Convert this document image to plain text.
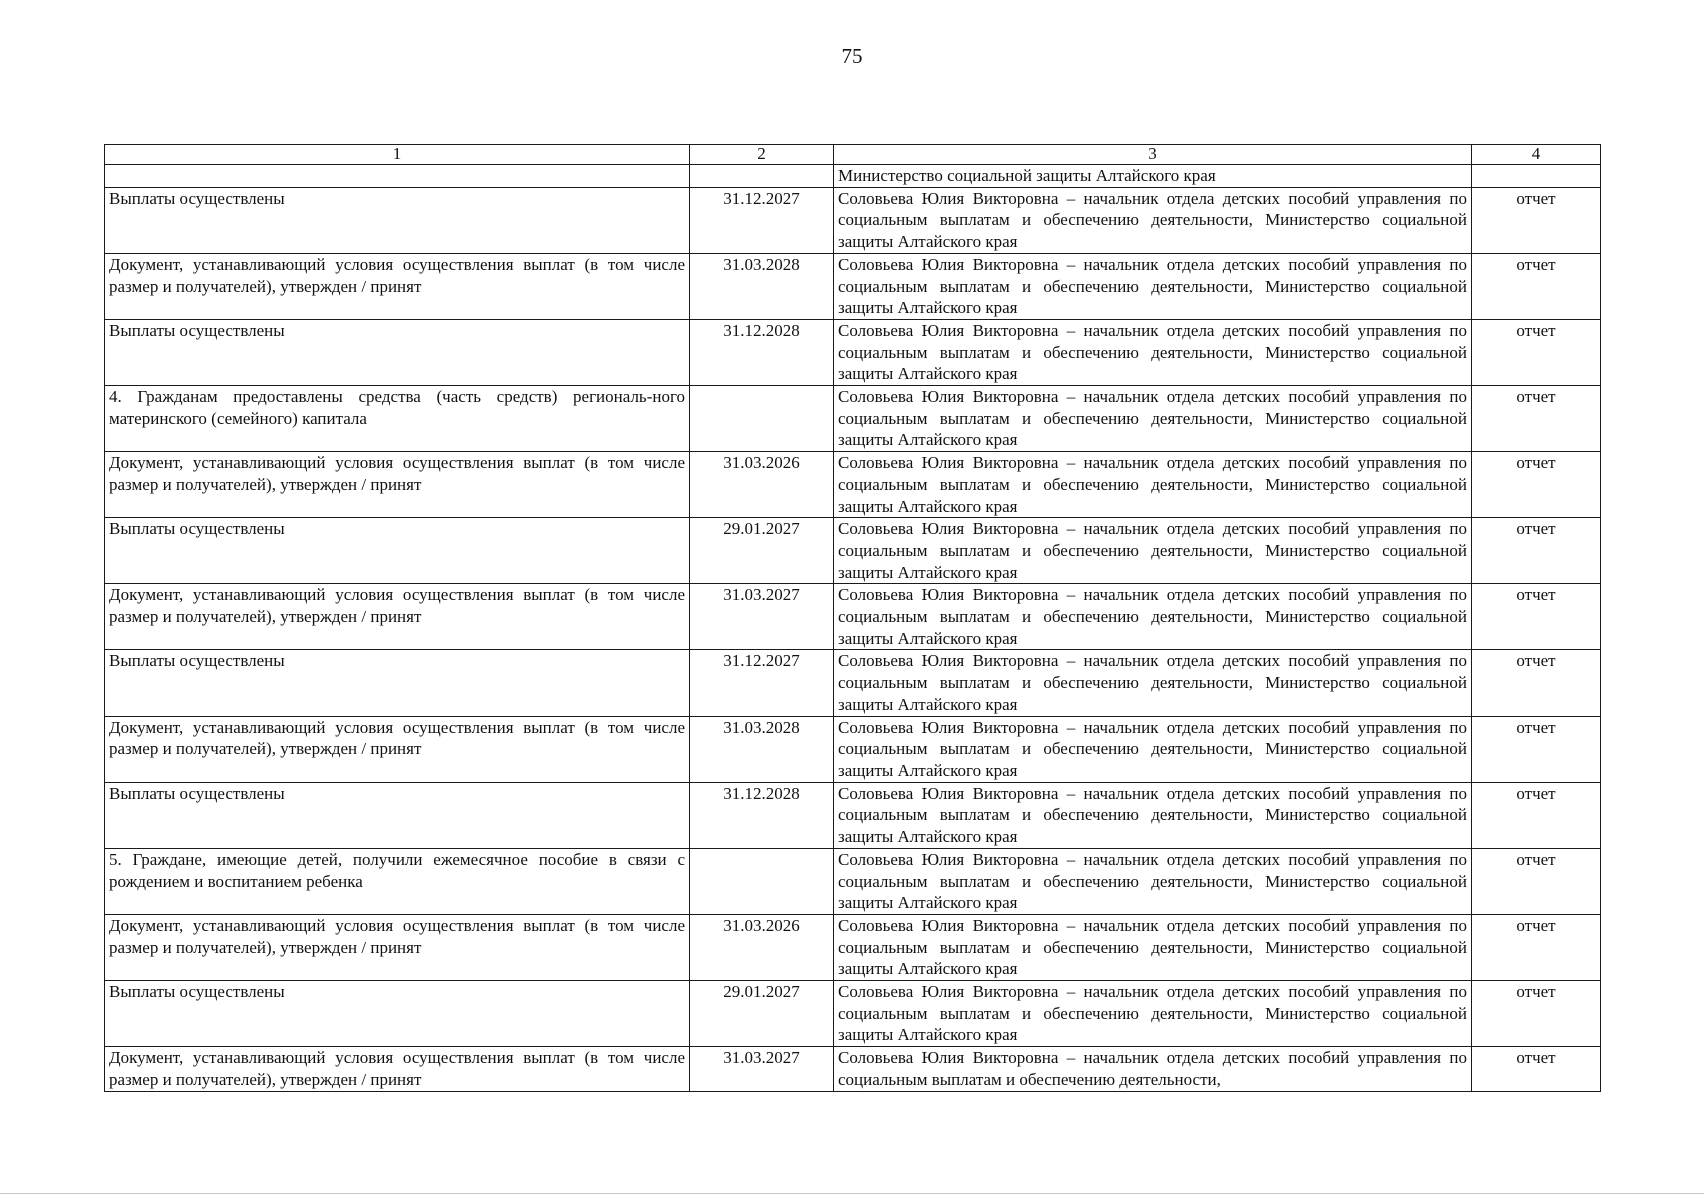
75
1	2	3	4
		Министерство социальной защиты Алтайского края	
Выплаты осуществлены	31.12.2027	Соловьева Юлия Викторовна – начальник отдела детских пособий управления по социальным выплатам и обеспечению деятельности, Министерство социальной защиты Алтайского края	отчет
Документ, устанавливающий условия осуществления выплат (в том числе размер и получателей), утвержден / принят	31.03.2028	Соловьева Юлия Викторовна – начальник отдела детских пособий управления по социальным выплатам и обеспечению деятельности, Министерство социальной защиты Алтайского края	отчет
Выплаты осуществлены	31.12.2028	Соловьева Юлия Викторовна – начальник отдела детских пособий управления по социальным выплатам и обеспечению деятельности, Министерство социальной защиты Алтайского края	отчет
4. Гражданам предоставлены средства (часть средств) региональ-ного материнского (семейного) капитала		Соловьева Юлия Викторовна – начальник отдела детских пособий управления по социальным выплатам и обеспечению деятельности, Министерство социальной защиты Алтайского края	отчет
Документ, устанавливающий условия осуществления выплат (в том числе размер и получателей), утвержден / принят	31.03.2026	Соловьева Юлия Викторовна – начальник отдела детских пособий управления по социальным выплатам и обеспечению деятельности, Министерство социальной защиты Алтайского края	отчет
Выплаты осуществлены	29.01.2027	Соловьева Юлия Викторовна – начальник отдела детских пособий управления по социальным выплатам и обеспечению деятельности, Министерство социальной защиты Алтайского края	отчет
Документ, устанавливающий условия осуществления выплат (в том числе размер и получателей), утвержден / принят	31.03.2027	Соловьева Юлия Викторовна – начальник отдела детских пособий управления по социальным выплатам и обеспечению деятельности, Министерство социальной защиты Алтайского края	отчет
Выплаты осуществлены	31.12.2027	Соловьева Юлия Викторовна – начальник отдела детских пособий управления по социальным выплатам и обеспечению деятельности, Министерство социальной защиты Алтайского края	отчет
Документ, устанавливающий условия осуществления выплат (в том числе размер и получателей), утвержден / принят	31.03.2028	Соловьева Юлия Викторовна – начальник отдела детских пособий управления по социальным выплатам и обеспечению деятельности, Министерство социальной защиты Алтайского края	отчет
Выплаты осуществлены	31.12.2028	Соловьева Юлия Викторовна – начальник отдела детских пособий управления по социальным выплатам и обеспечению деятельности, Министерство социальной защиты Алтайского края	отчет
5. Граждане, имеющие детей, получили ежемесячное пособие в связи с рождением и воспитанием ребенка		Соловьева Юлия Викторовна – начальник отдела детских пособий управления по социальным выплатам и обеспечению деятельности, Министерство социальной защиты Алтайского края	отчет
Документ, устанавливающий условия осуществления выплат (в том числе размер и получателей), утвержден / принят	31.03.2026	Соловьева Юлия Викторовна – начальник отдела детских пособий управления по социальным выплатам и обеспечению деятельности, Министерство социальной защиты Алтайского края	отчет
Выплаты осуществлены	29.01.2027	Соловьева Юлия Викторовна – начальник отдела детских пособий управления по социальным выплатам и обеспечению деятельности, Министерство социальной защиты Алтайского края	отчет
Документ, устанавливающий условия осуществления выплат (в том числе размер и получателей), утвержден / принят	31.03.2027	Соловьева Юлия Викторовна – начальник отдела детских пособий управления по социальным выплатам и обеспечению деятельности,	отчет
